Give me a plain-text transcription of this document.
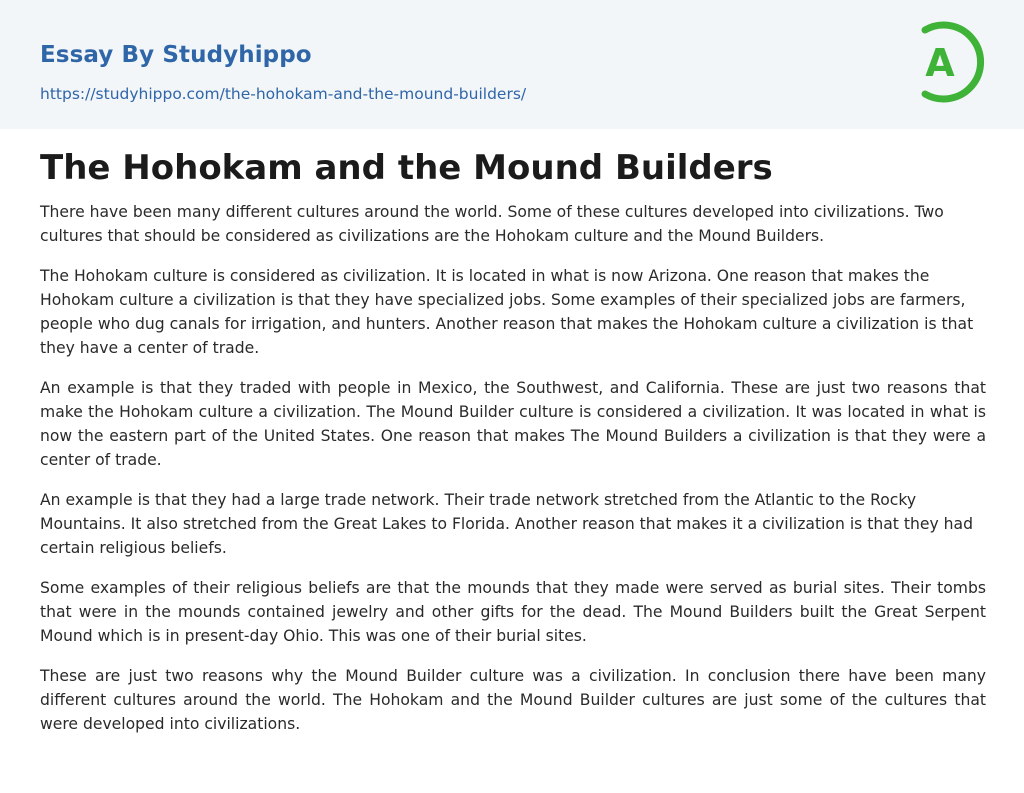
Essay By Studyhippo
https://studyhippo.com/the-hohokam-and-the-mound-builders/
A
The Hohokam and the Mound Builders

There have been many different cultures around the world. Some of these cultures developed into civilizations. Two cultures that should be considered as civilizations are the Hohokam culture and the Mound Builders.

The Hohokam culture is considered as civilization. It is located in what is now Arizona. One reason that makes the Hohokam culture a civilization is that they have specialized jobs. Some examples of their specialized jobs are farmers, people who dug canals for irrigation, and hunters. Another reason that makes the Hohokam culture a civilization is that they have a center of trade.

An example is that they traded with people in Mexico, the Southwest, and California. These are just two reasons that make the Hohokam culture a civilization. The Mound Builder culture is considered a civilization. It was located in what is now the eastern part of the United States. One reason that makes The Mound Builders a civilization is that they were a center of trade.

An example is that they had a large trade network. Their trade network stretched from the Atlantic to the Rocky Mountains. It also stretched from the Great Lakes to Florida. Another reason that makes it a civilization is that they had certain religious beliefs.

Some examples of their religious beliefs are that the mounds that they made were served as burial sites. Their tombs that were in the mounds contained jewelry and other gifts for the dead. The Mound Builders built the Great Serpent Mound which is in present-day Ohio. This was one of their burial sites.

These are just two reasons why the Mound Builder culture was a civilization. In conclusion there have been many different cultures around the world. The Hohokam and the Mound Builder cultures are just some of the cultures that were developed into civilizations.
